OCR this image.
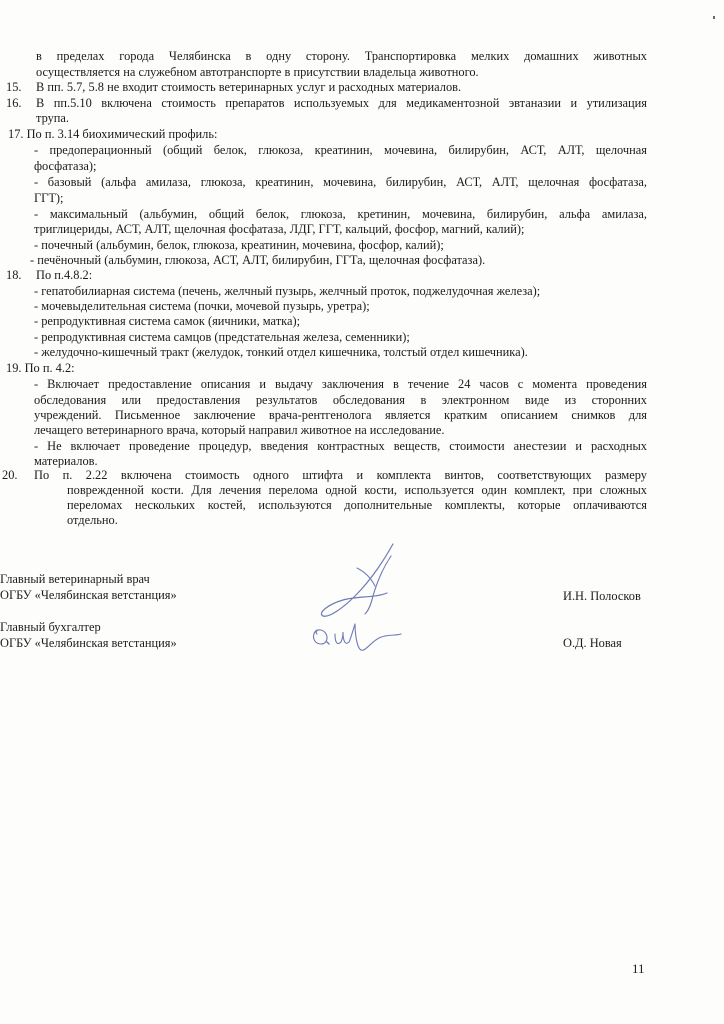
в пределах города Челябинска в одну сторону. Транспортировка мелких домашних животных
осуществляется на служебном автотранспорте в присутствии владельца животного.
15. В пп. 5.7, 5.8 не входит стоимость ветеринарных услуг и расходных материалов.
16. В пп.5.10 включена стоимость препаратов используемых для медикаментозной эвтаназии и утилизация
трупа.
17. По п. 3.14 биохимический профиль:
- предоперационный (общий белок, глюкоза, креатинин, мочевина, билирубин, АСТ, АЛТ, щелочная
фосфатаза);
- базовый (альфа амилаза, глюкоза, креатинин, мочевина, билирубин, АСТ, АЛТ, щелочная фосфатаза,
ГГТ);
- максимальный (альбумин, общий белок, глюкоза, кретинин, мочевина, билирубин, альфа амилаза,
триглицериды, АСТ, АЛТ, щелочная фосфатаза, ЛДГ, ГГТ, кальций, фосфор, магний, калий);
- почечный (альбумин, белок, глюкоза, креатинин, мочевина, фосфор, калий);
- печёночный (альбумин, глюкоза, АСТ, АЛТ, билирубин, ГГТа, щелочная фосфатаза).
18. По п.4.8.2:
- гепатобилиарная система (печень, желчный пузырь, желчный проток, поджелудочная железа);
- мочевыделительная система (почки, мочевой пузырь, уретра);
- репродуктивная система самок (яичники, матка);
- репродуктивная система самцов (предстательная железа, семенники);
- желудочно-кишечный тракт (желудок, тонкий отдел кишечника, толстый отдел кишечника).
19. По п. 4.2:
- Включает предоставление описания и выдачу заключения в течение 24 часов с момента проведения
обследования или предоставления результатов обследования в электронном виде из сторонних
учреждений. Письменное заключение врача-рентгенолога является кратким описанием снимков для
лечащего ветеринарного врача, который направил животное на исследование.
- Не включает проведение процедур, введения контрастных веществ, стоимости анестезии и расходных
материалов.
20. По п. 2.22 включена стоимость одного штифта и комплекта винтов, соответствующих размеру
поврежденной кости. Для лечения перелома одной кости, используется один комплект, при сложных
переломах нескольких костей, используются дополнительные комплекты, которые оплачиваются
отдельно.
Главный ветеринарный врач
ОГБУ «Челябинская ветстанция»	И.Н. Полосков
Главный бухгалтер
ОГБУ «Челябинская ветстанция»	О.Д. Новая
11
